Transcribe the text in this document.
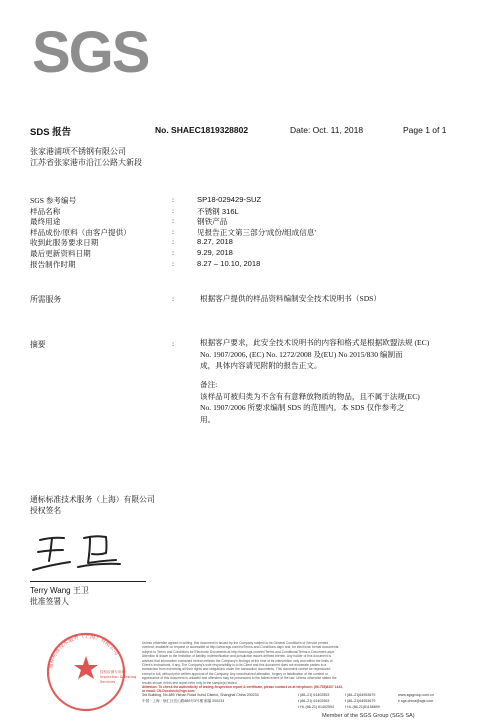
SGS
SDS 报告	No. SHAEC1819328802	Date: Oct. 11, 2018	Page 1 of 1
张家港浦项不锈钢有限公司
江苏省张家港市沿江公路大新段
SGS 参考编号	:	SP18-029429-SUZ
样品名称	:	不锈钢 316L
最终用途	:	钢铁产品
样品成份/原料（由客户提供）	:	见报告正文第三部分'成份/组成信息'
收到此服务要求日期	:	8.27, 2018
最后更新资料日期	:	9.29, 2018
报告制作时期	:	8.27 – 10.10, 2018
所需服务	:	根据客户提供的样品资料编制安全技术说明书（SDS）
摘要	:	根据客户要求，此安全技术说明书的内容和格式是根据欧盟法规 (EC)
No. 1907/2006, (EC) No. 1272/2008 及(EU) No 2015/830 编制而
成，具体内容请见附附的报告正文。
备注:
该样品可被归类为不含有有意释放物质的物品，且不属于法规(EC)
No. 1907/2006 所要求编制 SDS 的范围内。本 SDS 仅作参考之
用。
通标标准技术服务（上海）有限公司
授权签名
Terry Wang 王卫
批准签署人
通标标准技术服务（上海）有限公司
检验检测专用章 Inspection & Testing Services
Unless otherwise agreed in writing, this document is issued by the Company subject to its General Conditions of Service printed
overleaf, available on request or accessible at http://www.sgs.com/en/Terms-and-Conditions.aspx and, for electronic format documents,
subject to Terms and Conditions for Electronic Documents at http://www.sgs.com/en/Terms-and-Conditions/Terms-e-Document.aspx.
Attention is drawn to the limitation of liability, indemnification and jurisdiction issues defined therein. Any holder of this document is
advised that information contained hereon reflects the Company's findings at the time of its intervention only and within the limits of
Client's instructions, if any. The Company's sole responsibility is to its Client and this document does not exonerate parties to a
transaction from exercising all their rights and obligations under the transaction documents. This document cannot be reproduced
except in full, without prior written approval of the Company. Any unauthorized alteration, forgery or falsification of the content or
appearance of this document is unlawful and offenders may be prosecuted to the fullest extent of the law. Unless otherwise stated the
results shown in this test report refer only to the sample(s) tested.
Attention: To check the authenticity of testing /inspection report & certificate, please contact us at telephone: (86-755)8307 1443,
or email: CN.Doccheck@sgs.com
3rd Building, No.889 Yishan Road Xuhui District, Shanghai China 200233	t (86–21) 61402553	f (86–21)64953679	www.sgsgroup.com.cn
中国 · 上海 · 徐汇区宜山路889号3号楼 邮编 200233	t (86–21) 61402553	f (86–21)64953679	e sgs.china@sgs.com
t HL (86-21) 61402594	f HL (86-21)61156899
Member of the SGS Group (SGS SA)
